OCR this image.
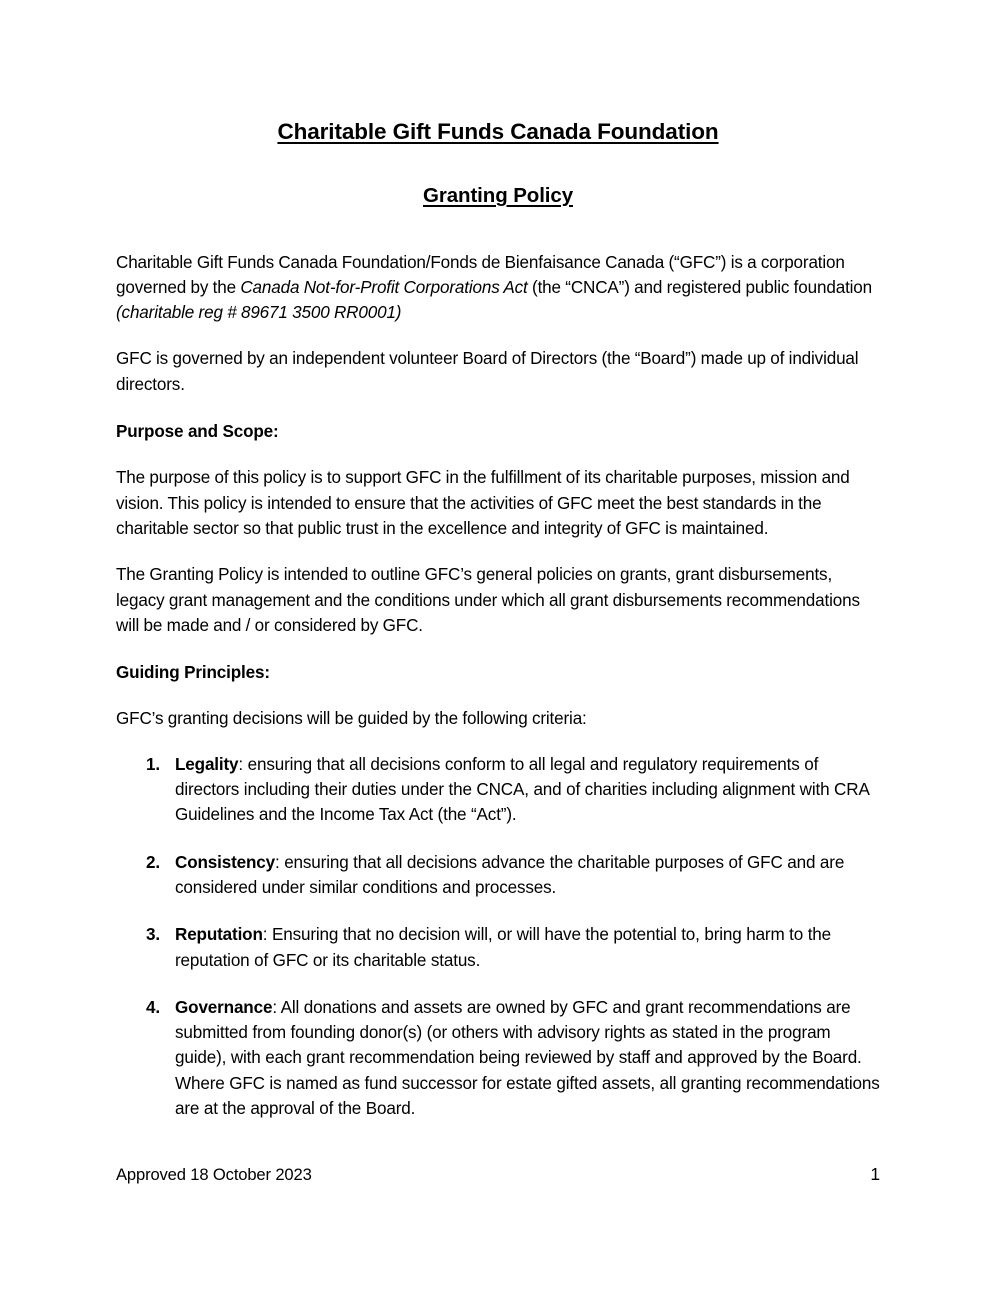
Charitable Gift Funds Canada Foundation
Granting Policy

Charitable Gift Funds Canada Foundation/Fonds de Bienfaisance Canada (“GFC”) is a corporation governed by the Canada Not-for-Profit Corporations Act (the “CNCA”) and registered public foundation (charitable reg # 89671 3500 RR0001)

GFC is governed by an independent volunteer Board of Directors (the “Board”) made up of individual directors.

Purpose and Scope:

The purpose of this policy is to support GFC in the fulfillment of its charitable purposes, mission and vision. This policy is intended to ensure that the activities of GFC meet the best standards in the charitable sector so that public trust in the excellence and integrity of GFC is maintained.

The Granting Policy is intended to outline GFC’s general policies on grants, grant disbursements, legacy grant management and the conditions under which all grant disbursements recommendations will be made and / or considered by GFC.

Guiding Principles:

GFC’s granting decisions will be guided by the following criteria:

1. Legality: ensuring that all decisions conform to all legal and regulatory requirements of directors including their duties under the CNCA, and of charities including alignment with CRA Guidelines and the Income Tax Act (the “Act”).
2. Consistency: ensuring that all decisions advance the charitable purposes of GFC and are considered under similar conditions and processes.
3. Reputation: Ensuring that no decision will, or will have the potential to, bring harm to the reputation of GFC or its charitable status.
4. Governance: All donations and assets are owned by GFC and grant recommendations are submitted from founding donor(s) (or others with advisory rights as stated in the program guide), with each grant recommendation being reviewed by staff and approved by the Board. Where GFC is named as fund successor for estate gifted assets, all granting recommendations are at the approval of the Board.
Approved 18 October 2023	1
